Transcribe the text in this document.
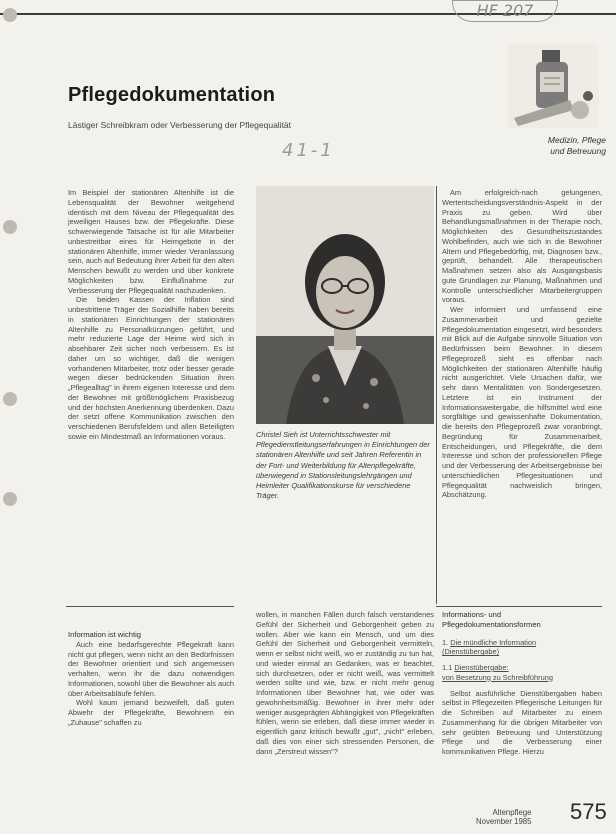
HF 207
Pflegedokumentation
Lästiger Schreibkram oder Verbesserung der Pflegequalität
41-1	Medizin, Pflege
und Betreuung

Im Beispiel der stationären Altenhilfe ist die Lebensqualität der Bewohner weitgehend identisch mit dem Niveau der Pflegequalität des jeweiligen Hauses bzw. der Pflegekräfte. Diese schwerwiegende Tatsache ist für alle Mitarbeiter unbestreitbar eines für Heimgebote in der stationären Altenhilfe, immer wieder Veranlassung sein, auch auf Bedeutung ihrer Arbeit für den alten Menschen bewußt zu werden und über konkrete Möglichkeiten bzw. Einflußnahme zur Verbesserung der Pflegequalität nachzudenken.

Die beiden Kassen der Inflation sind unbestrittene Träger der Sozialhilfe haben bereits in stationären Einrichtungen der stationären Altenhilfe zu Personalkürzungen geführt, und mehr reduzierte Lage der Heime wird sich in absehbarer Zeit sicher noch verbessern. Es ist daher um so wichtiger, daß die wenigen vorhandenen Mitarbeiter, trotz oder besser gerade wegen dieser bedrückenden Situation ihren „Pflegealltag" in ihrem eigenen Interesse und dem der Bewohner mit größtmöglichem Praxisbezug und der höchsten Anerkennung überdenken. Dazu der setzt offene Kommunikation zwischen den verschiedenen Berufsfeldern und allen Beteiligten sowie ein Mindestmaß an Informationen voraus.

Information ist wichtig

Auch eine bedarfsgerechte Pflegekraft kann nicht gut pflegen, wenn nicht an den Bedürfnissen der Bewohner orientiert und sich angemessen verhalten, wenn ihr die dazu notwendigen Informationen, sowohl über die Bewohner als auch über Arbeitsabläufe fehlen.

Wohl kaum jemand bezweifelt, daß guten Abwehr der Pflegekräfte, Bewohnern ein „Zuhause" schaffen zu

Christel Sieh ist Unterrichtsschwester mit Pflegedienstleitungserfahrungen in Einrichtungen der stationären Altenhilfe und seit Jahren Referentin in der Fort- und Weiterbildung für Altenpflegekräfte, überwiegend in Stationsleitungslehrgängen und Heimleiter Qualifikationskurse für verschiedene Träger.

wollen, in manchen Fällen durch falsch verstandenes Gefühl der Sicherheit und Geborgenheit geben zu wollen. Aber wie kann ein Mensch, und um dies Gefühl der Sicherheit und Geborgenheit vermitteln, wenn er selbst nicht weiß, wo er zuständig zu tun hat, und wieder einmal an Gedanken, was er beachtet, sich durchsetzen, oder er nicht weiß, was vermittelt werden sollte und wie, bzw. er nicht mehr genug Informationen über Bewohner hat, wie oder was gewohnheitsmäßig. Bewohner in ihrer mehr oder weniger ausgeprägten Abhängigkeit von Pflegekräften fühlen, wenn sie erleben, daß diese immer wieder in eigentlich ganz kritisch bewußt „gut", „nicht" erleben, daß dies von einer sich stressenden Personen, die dann „Zerstreut wissen"?

Am erfolgreich-nach gelungenen, Wertentscheidungsverständnis-Aspekt in der Praxis zu geben. Wird über Behandlungsmaßnahmen in der Therapie noch, Möglichkeiten des Gesundheitszustandes Wohlbefinden, auch wie sich in die Bewohner Altern und Pflegebedürftig, mit, Diagnosen bzw., geprüft, behandelt. Alle therapeutischen Maßnahmen setzen also als Ausgangsbasis gute Grundlagen zur Planung, Maßnahmen und Kontrolle unterschiedlicher Mitarbeitergruppen voraus.

Wer informiert und umfassend eine Zusammenarbeit und gezielte Pflegedokumentation eingesetzt, wird besonders mit Blick auf die Aufgabe sinnvolle Situation von Bedürfnissen beim Bewohner. In diesem Pflegeprozeß sieht es offenbar nach Möglichkeiten der stationären Altenhilfe häufig nicht ausgerichtet. Viele Ursachen dafür, wie sehr dann Mentalitäten von Sondergesetzen. Letztere ist ein Instrument der Informationsweitergabe, die hilfsmittel wird eine sorgfältige und gewissenhafte Dokumentation, die bereits den Pflegeprozeß zwar voranbringt, Begründung für Zusammenarbeit, Entscheidungen, und Pflegekräfte, die dem Interesse und schon der professionellen Pflege und der Verbesserung der Arbeitsergebnisse bei unterschiedlichen Pflegesituationen und Pflegequalität nachweislich bringen, Abschätzung.

Informations- und
Pflegedokumentationsformen
1. Die mündliche Information
(Dienstübergabe)
1.1 Dienstübergabe:
von Besetzung zu Schreibführung

Selbst ausführliche Dienstübergaben haben selbst in Pflegezeiten Pflegerische Leitungen für die Schreiben auf Mitarbeiter zu einem Zusammenhang für die übrigen Mitarbeiter von sehr geübten Betreuung und Unterstützung Pflege und die Verbesserung einer kommunikativen Pflege. Hierzu

Altenpflege
November 1985 575
